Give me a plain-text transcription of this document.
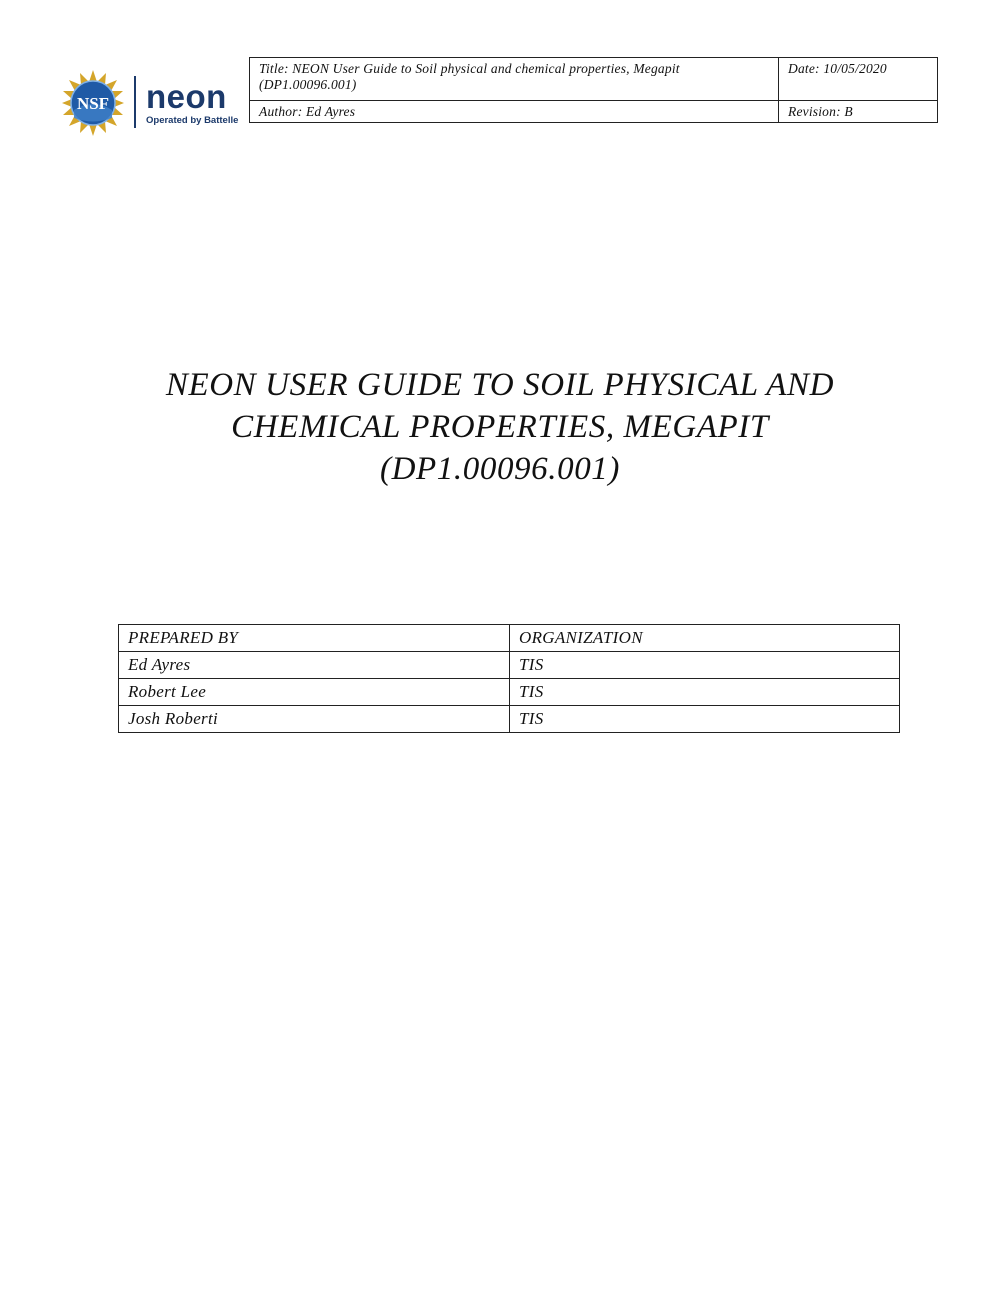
NSF neon
Operated by Battelle
Title: NEON User Guide to Soil physical and chemical properties, Megapit (DP1.00096.001)	Date: 10/05/2020
Author: Ed Ayres	Revision: B
NEON USER GUIDE TO SOIL PHYSICAL AND
CHEMICAL PROPERTIES, MEGAPIT
(DP1.00096.001)
PREPARED BY	ORGANIZATION
Ed Ayres	TIS
Robert Lee	TIS
Josh Roberti	TIS
